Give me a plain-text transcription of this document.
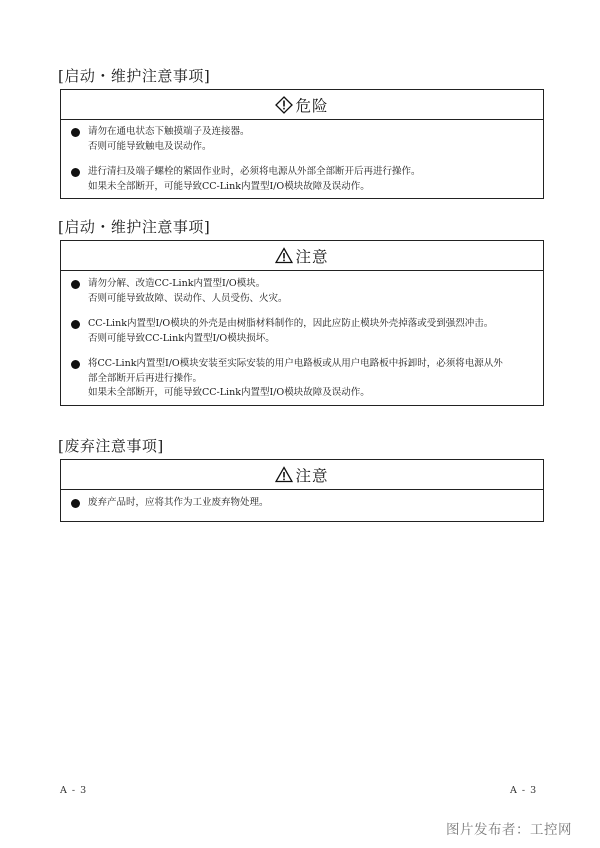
[启动・维护注意事项]
危险
请勿在通电状态下触摸端子及连接器。
否则可能导致触电及误动作。
进行清扫及端子螺栓的紧固作业时，必须将电源从外部全部断开后再进行操作。
如果未全部断开，可能导致CC-Link内置型I/O模块故障及误动作。
[启动・维护注意事项]
注意
请勿分解、改造CC-Link内置型I/O模块。
否则可能导致故障、误动作、人员受伤、火灾。
CC-Link内置型I/O模块的外壳是由树脂材料制作的，因此应防止模块外壳掉落或受到强烈冲击。
否则可能导致CC-Link内置型I/O模块损坏。
将CC-Link内置型I/O模块安装至实际安装的用户电路板或从用户电路板中拆卸时，必须将电源从外
部全部断开后再进行操作。
如果未全部断开，可能导致CC-Link内置型I/O模块故障及误动作。
[废弃注意事项]
注意
废弃产品时，应将其作为工业废弃物处理。
A - 3	A - 3
图片发布者：工控网
